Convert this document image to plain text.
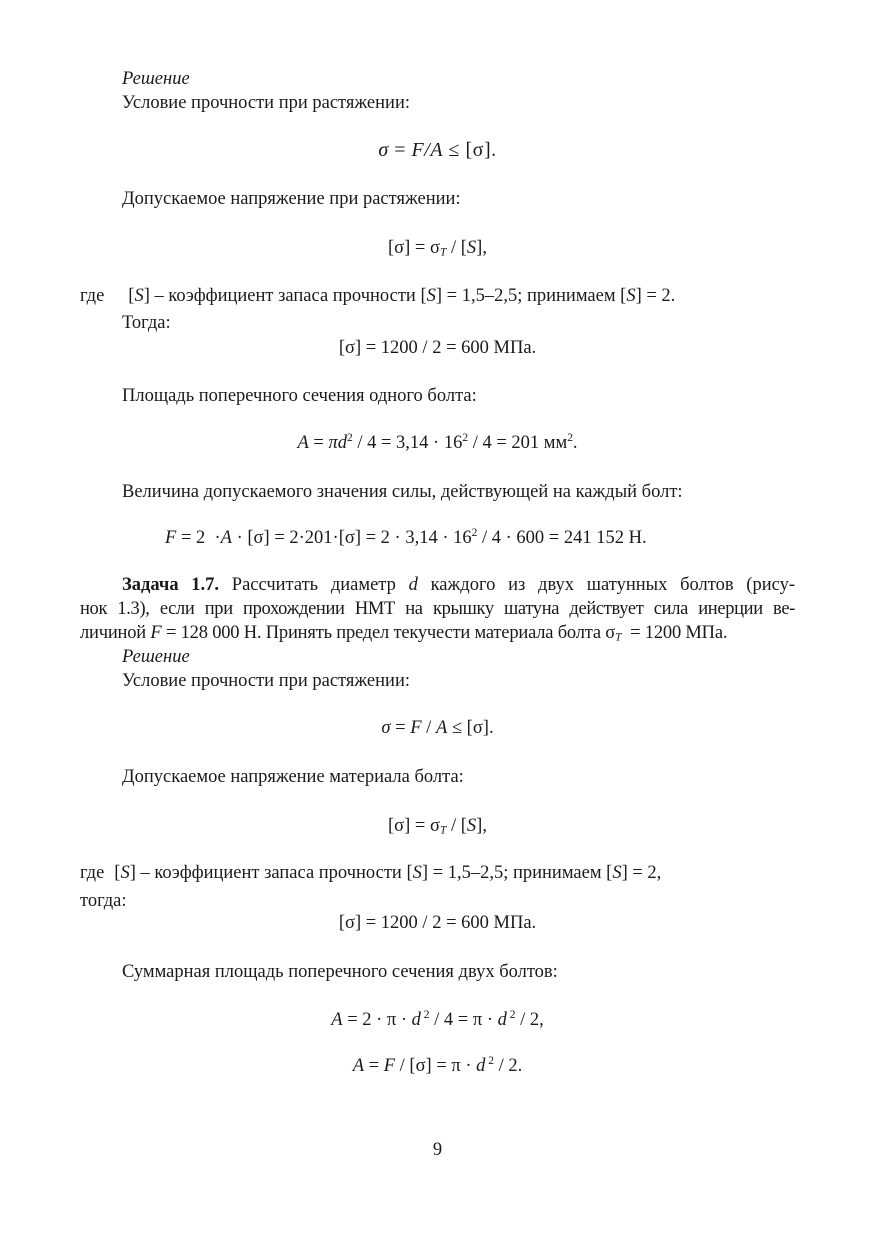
Решение
Условие прочности при растяжении:
σ = F/A ≤ [σ].
Допускаемое напряжение при растяжении:
$[\sigma] = \sigma_T / [S]$,
где [S] – коэффициент запаса прочности [S] = 1,5–2,5; принимаем [S] = 2.
Тогда:
[σ] = 1200 / 2 = 600 МПа.
Площадь поперечного сечения одного болта:
$A = \pi d^2 / 4 = 3,14 \cdot 16^2 / 4 = 201$ $мм^2$.
Величина допускаемого значения силы, действующей на каждый болт:
$F = 2 \cdot A \cdot [\sigma] = 2\cdot 201\cdot[\sigma] = 2 \cdot 3,14 \cdot 16^2 / 4 \cdot 600 = 241$ 152 Н.
Задача 1.7. Рассчитать диаметр d каждого из двух шатунных болтов (рису-
нок 1.3), если при прохождении НМТ на крышку шатуна действует сила инерции ве-
личиной F = 128 000 Н. Принять предел текучести материала болта $\sigma_T = 1200$ МПа.
Решение
Условие прочности при растяжении:
σ = F / A ≤ [σ].
Допускаемое напряжение материала болта:
$[\sigma] = \sigma_T / [S]$,
где [S] – коэффициент запаса прочности [S] = 1,5–2,5; принимаем [S] = 2,
тогда:
[σ] = 1200 / 2 = 600 МПа.
Суммарная площадь поперечного сечения двух болтов:
A = 2 · π · d $^2$ / 4 = π · d $^2$ / 2,
A = F / [σ] = π · d $^2$ / 2.
9
